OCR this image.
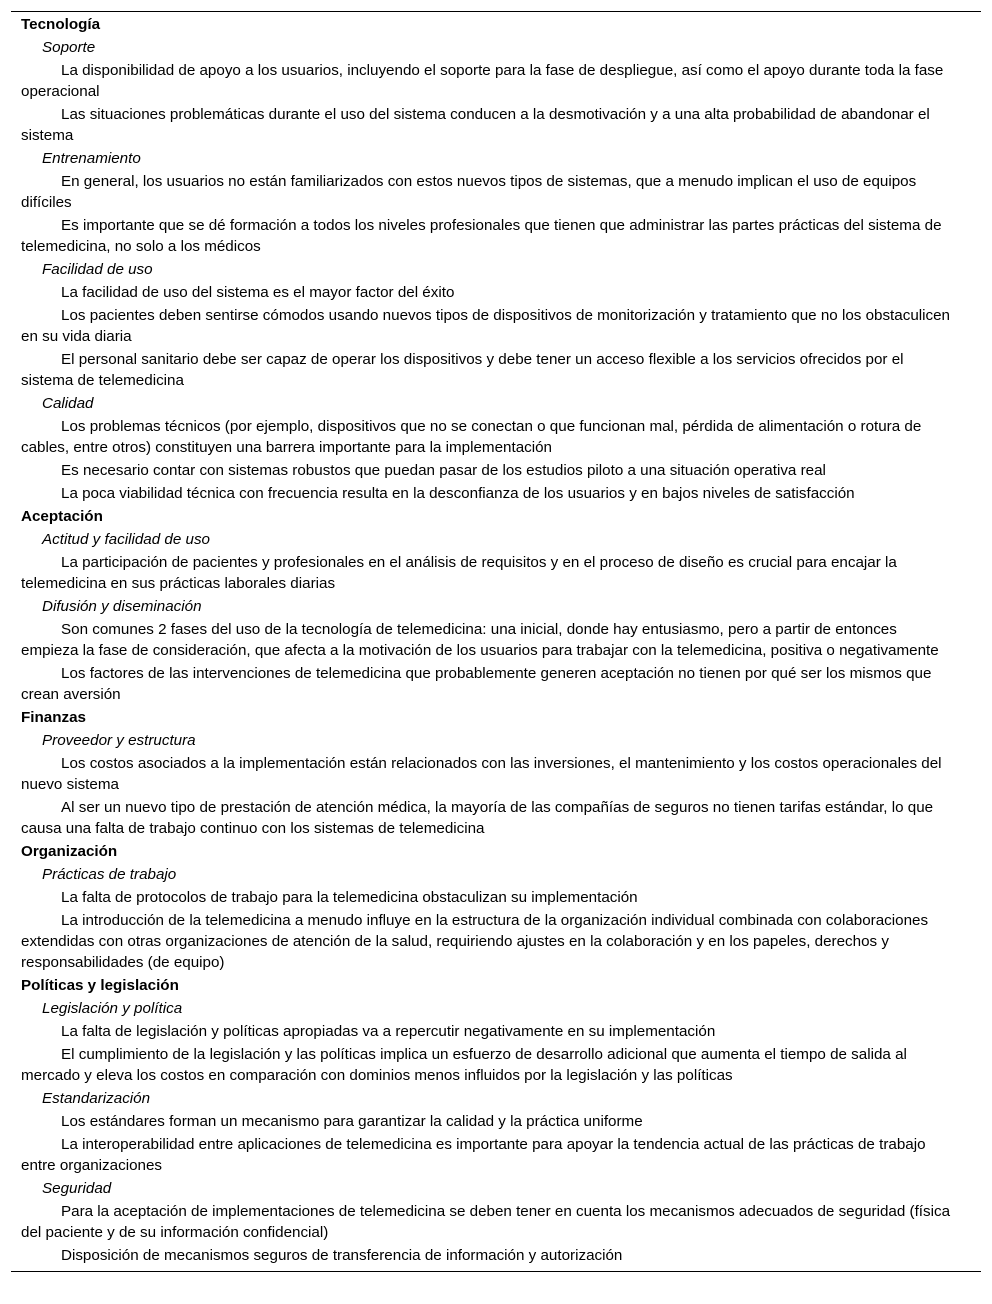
Tecnología
Soporte
La disponibilidad de apoyo a los usuarios, incluyendo el soporte para la fase de despliegue, así como el apoyo durante toda la fase operacional
Las situaciones problemáticas durante el uso del sistema conducen a la desmotivación y a una alta probabilidad de abandonar el sistema
Entrenamiento
En general, los usuarios no están familiarizados con estos nuevos tipos de sistemas, que a menudo implican el uso de equipos difíciles
Es importante que se dé formación a todos los niveles profesionales que tienen que administrar las partes prácticas del sistema de telemedicina, no solo a los médicos
Facilidad de uso
La facilidad de uso del sistema es el mayor factor del éxito
Los pacientes deben sentirse cómodos usando nuevos tipos de dispositivos de monitorización y tratamiento que no los obstaculicen en su vida diaria
El personal sanitario debe ser capaz de operar los dispositivos y debe tener un acceso flexible a los servicios ofrecidos por el sistema de telemedicina
Calidad
Los problemas técnicos (por ejemplo, dispositivos que no se conectan o que funcionan mal, pérdida de alimentación o rotura de cables, entre otros) constituyen una barrera importante para la implementación
Es necesario contar con sistemas robustos que puedan pasar de los estudios piloto a una situación operativa real
La poca viabilidad técnica con frecuencia resulta en la desconfianza de los usuarios y en bajos niveles de satisfacción
Aceptación
Actitud y facilidad de uso
La participación de pacientes y profesionales en el análisis de requisitos y en el proceso de diseño es crucial para encajar la telemedicina en sus prácticas laborales diarias
Difusión y diseminación
Son comunes 2 fases del uso de la tecnología de telemedicina: una inicial, donde hay entusiasmo, pero a partir de entonces empieza la fase de consideración, que afecta a la motivación de los usuarios para trabajar con la telemedicina, positiva o negativamente
Los factores de las intervenciones de telemedicina que probablemente generen aceptación no tienen por qué ser los mismos que crean aversión
Finanzas
Proveedor y estructura
Los costos asociados a la implementación están relacionados con las inversiones, el mantenimiento y los costos operacionales del nuevo sistema
Al ser un nuevo tipo de prestación de atención médica, la mayoría de las compañías de seguros no tienen tarifas estándar, lo que causa una falta de trabajo continuo con los sistemas de telemedicina
Organización
Prácticas de trabajo
La falta de protocolos de trabajo para la telemedicina obstaculizan su implementación
La introducción de la telemedicina a menudo influye en la estructura de la organización individual combinada con colaboraciones extendidas con otras organizaciones de atención de la salud, requiriendo ajustes en la colaboración y en los papeles, derechos y responsabilidades (de equipo)
Políticas y legislación
Legislación y política
La falta de legislación y políticas apropiadas va a repercutir negativamente en su implementación
El cumplimiento de la legislación y las políticas implica un esfuerzo de desarrollo adicional que aumenta el tiempo de salida al mercado y eleva los costos en comparación con dominios menos influidos por la legislación y las políticas
Estandarización
Los estándares forman un mecanismo para garantizar la calidad y la práctica uniforme
La interoperabilidad entre aplicaciones de telemedicina es importante para apoyar la tendencia actual de las prácticas de trabajo entre organizaciones
Seguridad
Para la aceptación de implementaciones de telemedicina se deben tener en cuenta los mecanismos adecuados de seguridad (física del paciente y de su información confidencial)
Disposición de mecanismos seguros de transferencia de información y autorización
